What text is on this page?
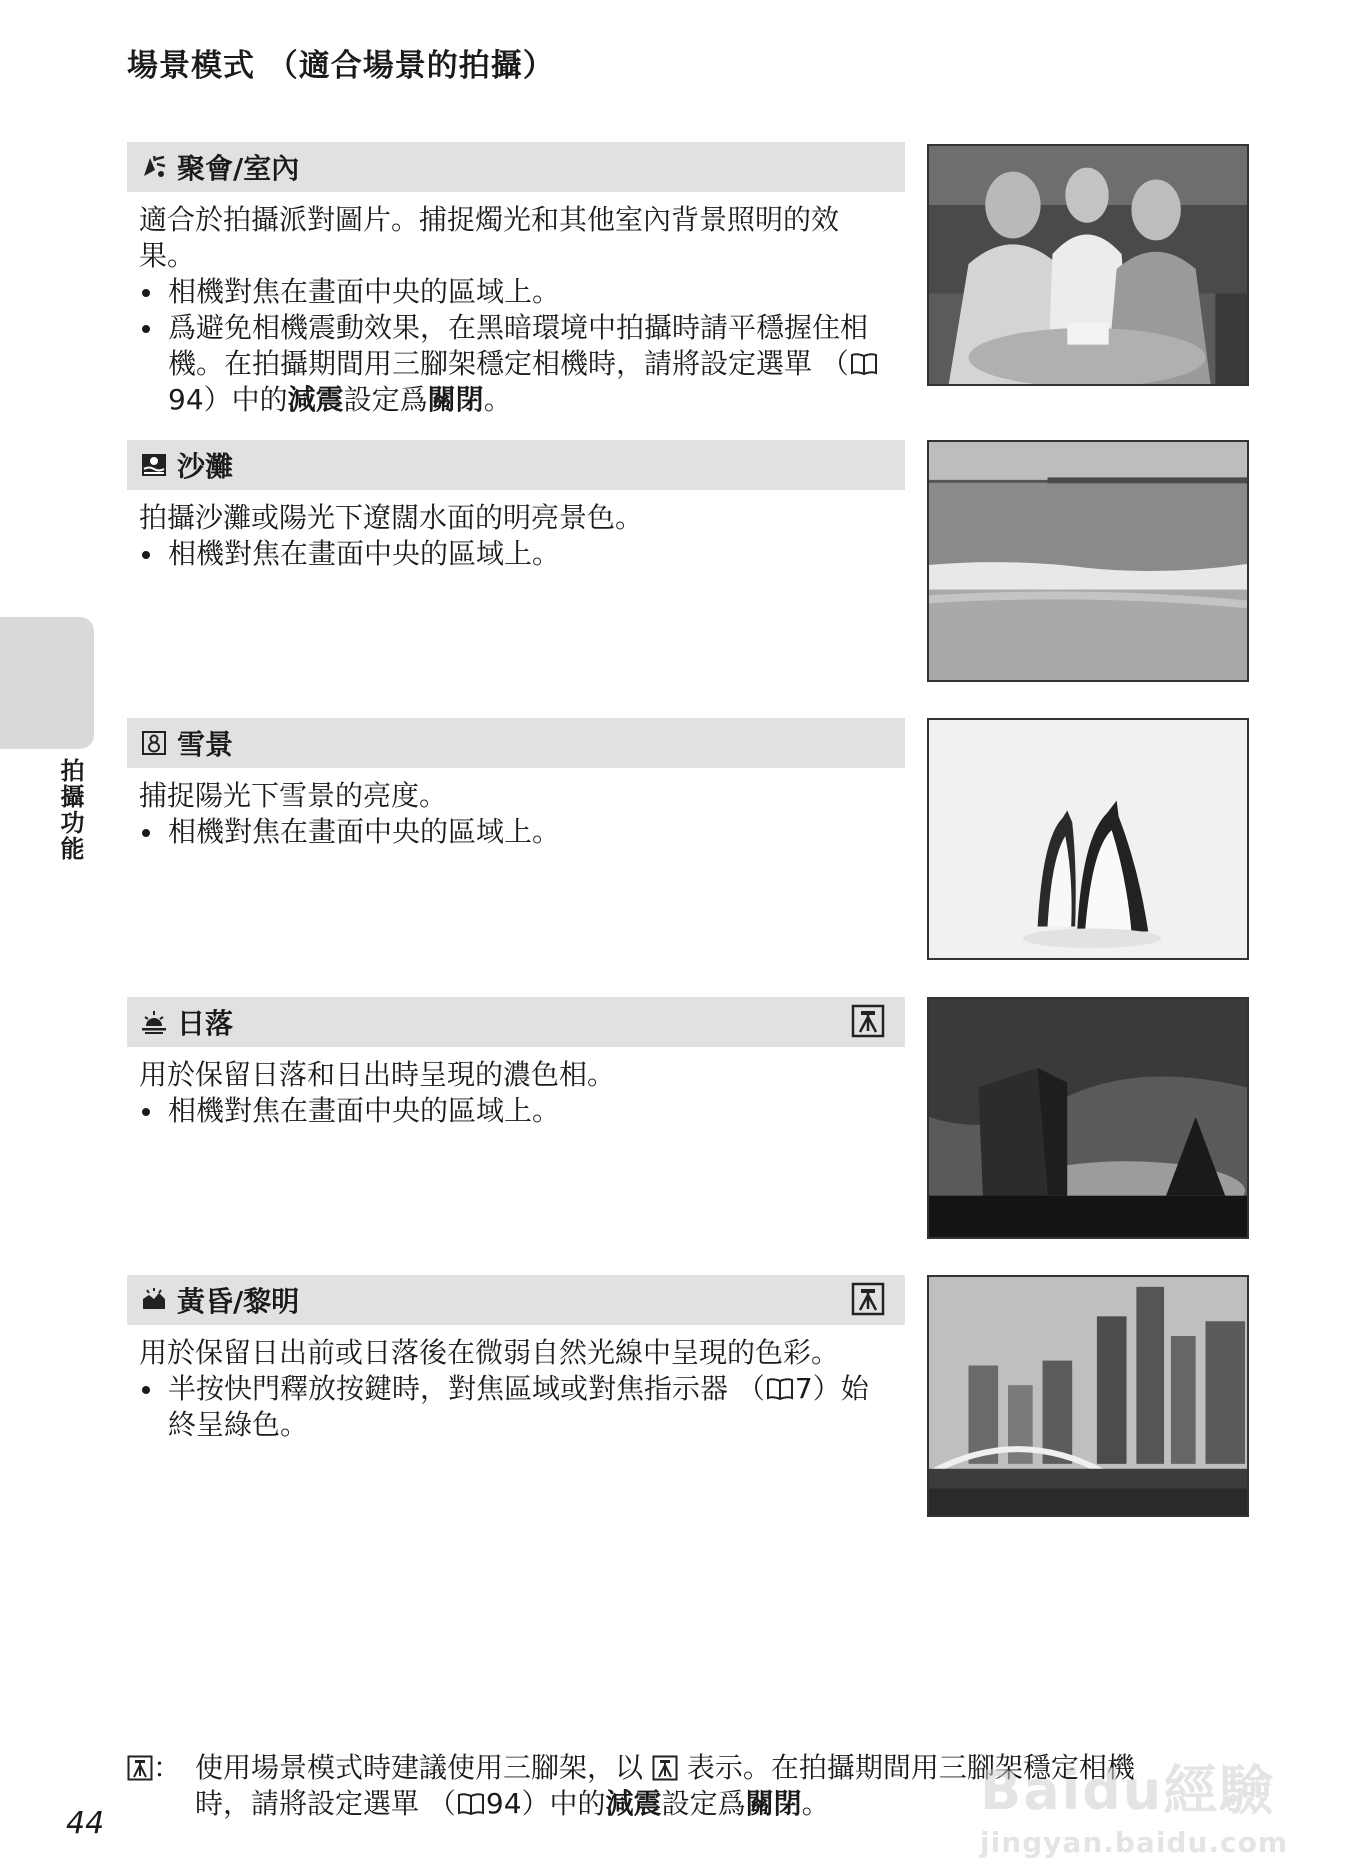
場景模式 （適合場景的拍攝）
拍攝功能
聚會/室內

適合於拍攝派對圖片。捕捉燭光和其他室內背景照明的效果。

相機對焦在畫面中央的區域上。
爲避免相機震動效果，在黑暗環境中拍攝時請平穩握住相機。在拍攝期間用三腳架穩定相機時，請將設定選單 （94）中的減震設定爲關閉。
沙灘

拍攝沙灘或陽光下遼闊水面的明亮景色。

相機對焦在畫面中央的區域上。
雪景

捕捉陽光下雪景的亮度。

相機對焦在畫面中央的區域上。
日落

用於保留日落和日出時呈現的濃色相。

相機對焦在畫面中央的區域上。
黃昏/黎明

用於保留日出前或日落後在微弱自然光線中呈現的色彩。

半按快門釋放按鍵時，對焦區域或對焦指示器 （ 7）始終呈綠色。
： 使用場景模式時建議使用三腳架，以 表示。在拍攝期間用三腳架穩定相機
時，請將設定選單 （ 94）中的減震設定爲關閉。
44
Baidu經驗
jingyan.baidu.com
